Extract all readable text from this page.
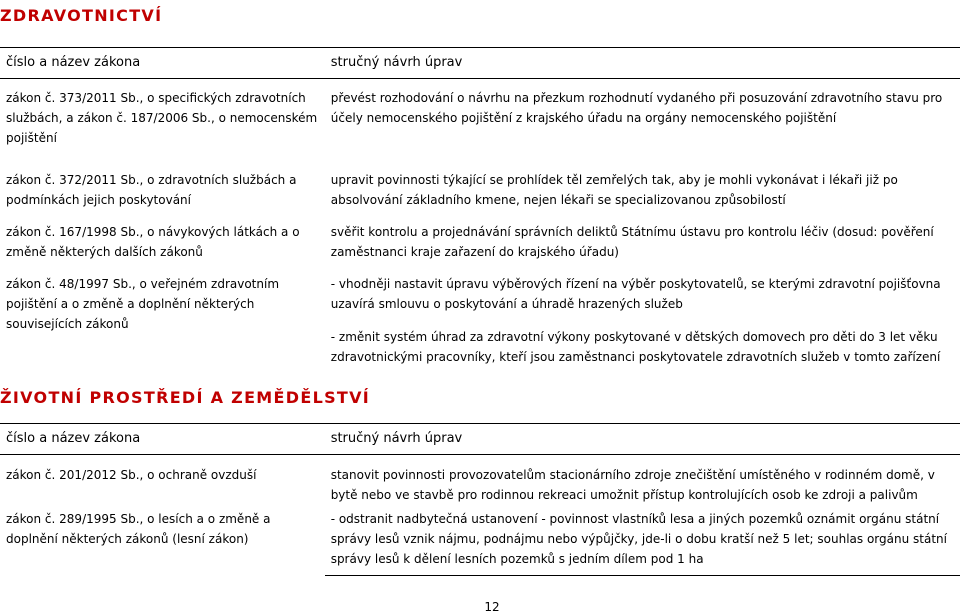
ZDRAVOTNICTVÍ
číslo a název zákona	stručný návrh úprav
zákon č. 373/2011 Sb., o specifických zdravotních službách, a zákon č. 187/2006 Sb., o nemocenském pojištění	převést rozhodování o návrhu na přezkum rozhodnutí vydaného při posuzování zdravotního stavu pro účely nemocenského pojištění z krajského úřadu na orgány nemocenského pojištění
zákon č. 372/2011 Sb., o zdravotních službách a podmínkách jejich poskytování	upravit povinnosti týkající se prohlídek těl zemřelých tak, aby je mohli vykonávat i lékaři již po absolvování základního kmene, nejen lékaři se specializovanou způsobilostí
zákon č. 167/1998 Sb., o návykových látkách a o změně některých dalších zákonů	svěřit kontrolu a projednávání správních deliktů Státnímu ústavu pro kontrolu léčiv (dosud: pověření zaměstnanci kraje zařazení do krajského úřadu)
zákon č. 48/1997 Sb., o veřejném zdravotním pojištění a o změně a doplnění některých souvisejících zákonů	- vhodněji nastavit úpravu výběrových řízení na výběr poskytovatelů, se kterými zdravotní pojišťovna uzavírá smlouvu o poskytování a úhradě hrazených služeb

- změnit systém úhrad za zdravotní výkony poskytované v dětských domovech pro děti do 3 let věku zdravotnickými pracovníky, kteří jsou zaměstnanci poskytovatele zdravotních služeb v tomto zařízení

ŽIVOTNÍ PROSTŘEDÍ A ZEMĚDĚLSTVÍ
číslo a název zákona	stručný návrh úprav
zákon č. 201/2012 Sb., o ochraně ovzduší	stanovit povinnosti provozovatelům stacionárního zdroje znečištění umístěného v rodinném domě, v bytě nebo ve stavbě pro rodinnou rekreaci umožnit přístup kontrolujících osob ke zdroji a palivům
zákon č. 289/1995 Sb., o lesích a o změně a doplnění některých zákonů (lesní zákon)	- odstranit nadbytečná ustanovení - povinnost vlastníků lesa a jiných pozemků oznámit orgánu státní správy lesů vznik nájmu, podnájmu nebo výpůjčky, jde-li o dobu kratší než 5 let; souhlas orgánu státní správy lesů k dělení lesních pozemků s jedním dílem pod 1 ha
12
